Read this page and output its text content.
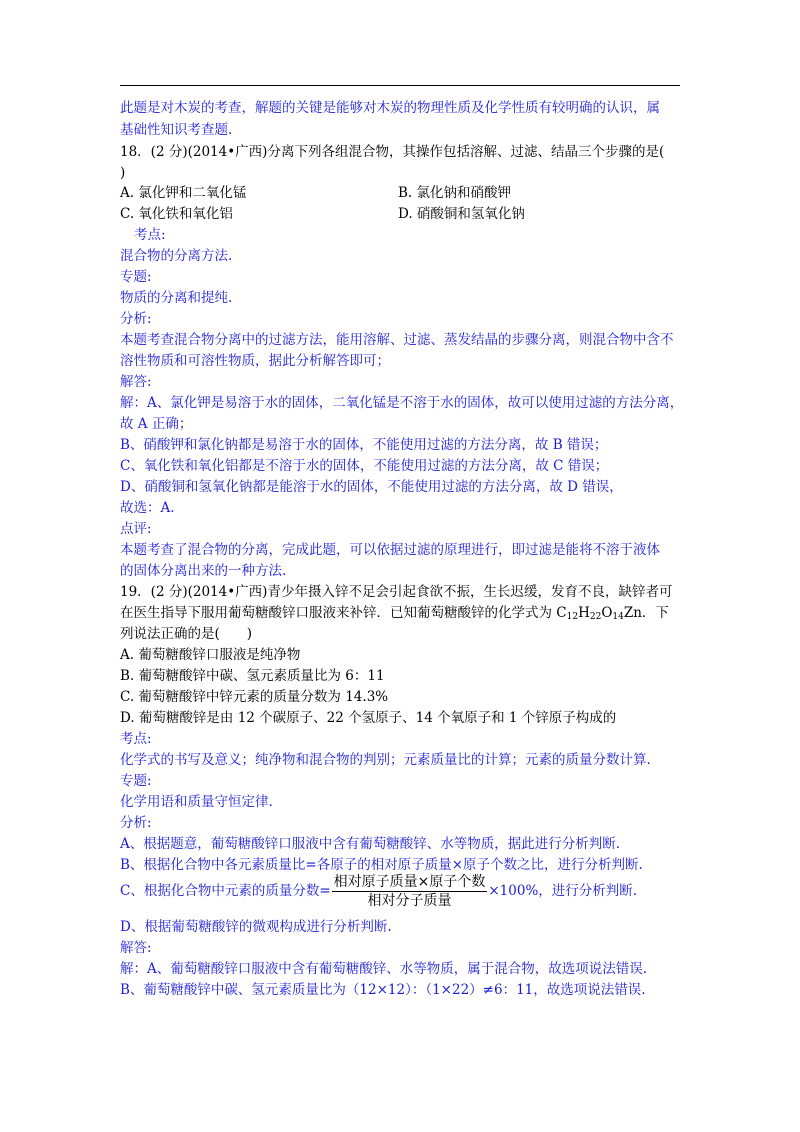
此题是对木炭的考查，解题的关键是能够对木炭的物理性质及化学性质有较明确的认识，属
基础性知识考查题.
18．(2 分)(2014•广西)分离下列各组混合物，其操作包括溶解、过滤、结晶三个步骤的是(
)
A. 氯化钾和二氧化锰	B. 氯化钠和硝酸钾
C. 氧化铁和氧化铝	D. 硝酸铜和氢氧化钠
考点:
混合物的分离方法.
专题:
物质的分离和提纯.
分析:
本题考查混合物分离中的过滤方法，能用溶解、过滤、蒸发结晶的步骤分离，则混合物中含不
溶性物质和可溶性物质，据此分析解答即可；
解答:
解：A、氯化钾是易溶于水的固体，二氧化锰是不溶于水的固体，故可以使用过滤的方法分离，
故 A 正确；
B、硝酸钾和氯化钠都是易溶于水的固体，不能使用过滤的方法分离，故 B 错误；
C、氧化铁和氧化铝都是不溶于水的固体，不能使用过滤的方法分离，故 C 错误；
D、硝酸铜和氢氧化钠都是能溶于水的固体，不能使用过滤的方法分离，故 D 错误，
故选：A.
点评:
本题考查了混合物的分离，完成此题，可以依据过滤的原理进行，即过滤是能将不溶于液体
的固体分离出来的一种方法.
19．(2 分)(2014•广西)青少年摄入锌不足会引起食欲不振，生长迟缓，发育不良，缺锌者可
在医生指导下服用葡萄糖酸锌口服液来补锌．已知葡萄糖酸锌的化学式为 $C_{12}H_{22}O_{14}Zn$．下
列说法正确的是(　　)
A. 葡萄糖酸锌口服液是纯净物
B. 葡萄糖酸锌中碳、氢元素质量比为 6：11
C. 葡萄糖酸锌中锌元素的质量分数为 14.3%
D. 葡萄糖酸锌是由 12 个碳原子、22 个氢原子、14 个氧原子和 1 个锌原子构成的
考点:
化学式的书写及意义；纯净物和混合物的判别；元素质量比的计算；元素的质量分数计算.
专题:
化学用语和质量守恒定律.
分析:
A、根据题意，葡萄糖酸锌口服液中含有葡萄糖酸锌、水等物质，据此进行分析判断.
B、根据化合物中各元素质量比=各原子的相对原子质量×原子个数之比，进行分析判断.
C、根据化合物中元素的质量分数= $\frac{\text{相对原子质量×原子个数}}{\text{相对分子质量}} \times 100\%$，进行分析判断.
D、根据葡萄糖酸锌的微观构成进行分析判断.
解答:
解：A、葡萄糖酸锌口服液中含有葡萄糖酸锌、水等物质，属于混合物，故选项说法错误.
B、葡萄糖酸锌中碳、氢元素质量比为（12×12）：（1×22）≠6：11，故选项说法错误.
